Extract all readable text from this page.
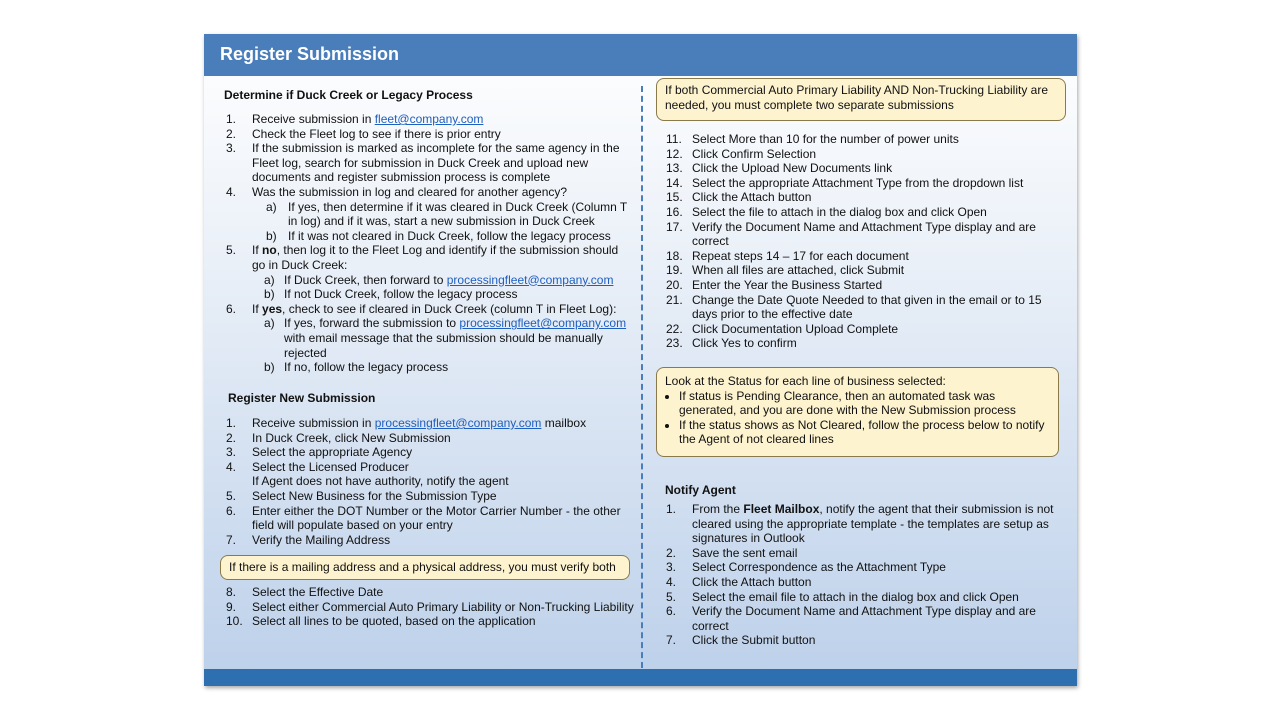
Register Submission
Determine if Duck Creek or Legacy Process
1.	Receive submission in fleet@company.com
2.	Check the Fleet log to see if there is prior entry
3.	If the submission is marked as incomplete for the same agency in the Fleet log, search for submission in Duck Creek and upload new documents and register submission process is complete
4.	Was the submission in log and cleared for another agency?
a) If yes, then determine if it was cleared in Duck Creek (Column T in log) and if it was, start a new submission in Duck Creek
b) If it was not cleared in Duck Creek, follow the legacy process
5.	If no, then log it to the Fleet Log and identify if the submission should go in Duck Creek:
a) If Duck Creek, then forward to processingfleet@company.com
b) If not Duck Creek, follow the legacy process
6.	If yes, check to see if cleared in Duck Creek (column T in Fleet Log):
a) If yes, forward the submission to processingfleet@company.com with email message that the submission should be manually rejected
b) If no, follow the legacy process
Register New Submission
1.	Receive submission in processingfleet@company.com mailbox
2.	In Duck Creek, click New Submission
3.	Select the appropriate Agency
4.	Select the Licensed Producer
If Agent does not have authority, notify the agent
5.	Select New Business for the Submission Type
6.	Enter either the DOT Number or the Motor Carrier Number - the other field will populate based on your entry
7.	Verify the Mailing Address
If there is a mailing address and a physical address, you must verify both
8.	Select the Effective Date
9.	Select either Commercial Auto Primary Liability or Non-Trucking Liability
10. Select all lines to be quoted, based on the application
If both Commercial Auto Primary Liability AND Non-Trucking Liability are needed, you must complete two separate submissions
11. Select More than 10 for the number of power units
12. Click Confirm Selection
13. Click the Upload New Documents link
14. Select the appropriate Attachment Type from the dropdown list
15. Click the Attach button
16. Select the file to attach in the dialog box and click Open
17. Verify the Document Name and Attachment Type display and are correct
18. Repeat steps 14 – 17 for each document
19. When all files are attached, click Submit
20. Enter the Year the Business Started
21. Change the Date Quote Needed to that given in the email or to 15 days prior to the effective date
22. Click Documentation Upload Complete
23. Click Yes to confirm
Look at the Status for each line of business selected:
• If status is Pending Clearance, then an automated task was generated, and you are done with the New Submission process
• If the status shows as Not Cleared, follow the process below to notify the Agent of not cleared lines
Notify Agent
1.	From the Fleet Mailbox, notify the agent that their submission is not cleared using the appropriate template - the templates are setup as signatures in Outlook
2.	Save the sent email
3.	Select Correspondence as the Attachment Type
4.	Click the Attach button
5.	Select the email file to attach in the dialog box and click Open
6.	Verify the Document Name and Attachment Type display and are correct
7.	Click the Submit button
